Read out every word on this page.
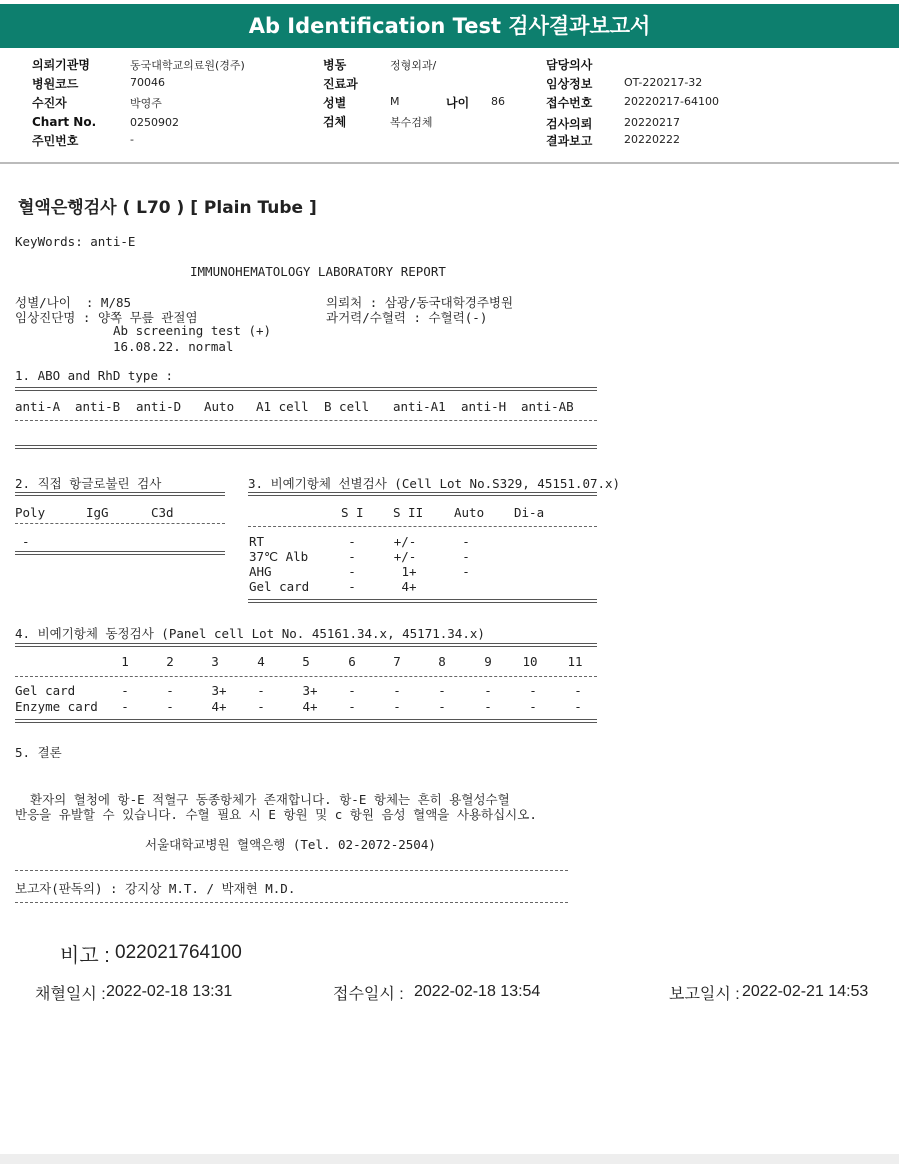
Ab Identification Test 검사결과보고서
의뢰기관명	동국대학교의료원(경주)
병원코드	70046
수진자	박영주
Chart No.	0250902
주민번호	-
병동	정형외과/
진료과
성별	M	나이 86
검체	복수검체
담당의사
임상정보	OT-220217-32
접수번호	20220217-64100
검사의뢰	20220217
결과보고	20220222
혈액은행검사 ( L70 ) [ Plain Tube ]
KeyWords: anti-E
IMMUNOHEMATOLOGY LABORATORY REPORT
성별/나이  : M/85
임상진단명 : 양쪽 무릎 관절염
Ab screening test (+)
16.08.22. normal
의뢰처 : 삼광/동국대학경주병원
과거력/수혈력 : 수혈력(-)
1. ABO and RhD type :
anti-A anti-B anti-D Auto A1 cell B cell anti-A1 anti-H anti-AB
2. 직접 항글로불린 검사
Poly	IgG	C3d
-
3. 비예기항체 선별검사 (Cell Lot No.S329, 45151.07.x)
S I S II Auto Di-a
RT	-	+/-	-
37℃ Alb	-	+/-	-
AHG	-	1+	-
Gel card	-	4+
4. 비예기항체 동정검사 (Panel cell Lot No. 45161.34.x, 45171.34.x)
1	2	3	4	5	6	7	8	9	10	11
Gel card	-	-	3+	-	3+	-	-	-	-	-	-
Enzyme card	-	-	4+	-	4+	-	-	-	-	-	-
5. 결론
환자의 혈청에 항-E 적혈구 동종항체가 존재합니다. 항-E 항체는 흔히 용혈성수혈
반응을 유발할 수 있습니다. 수혈 필요 시 E 항원 및 c 항원 음성 혈액을 사용하십시오.
서울대학교병원 혈액은행 (Tel. 02-2072-2504)
보고자(판독의) : 강지상 M.T. / 박재현 M.D.
비고 : 022021764100
채혈일시 : 2022-02-18 13:31	접수일시 : 2022-02-18 13:54	보고일시 : 2022-02-21 14:53
